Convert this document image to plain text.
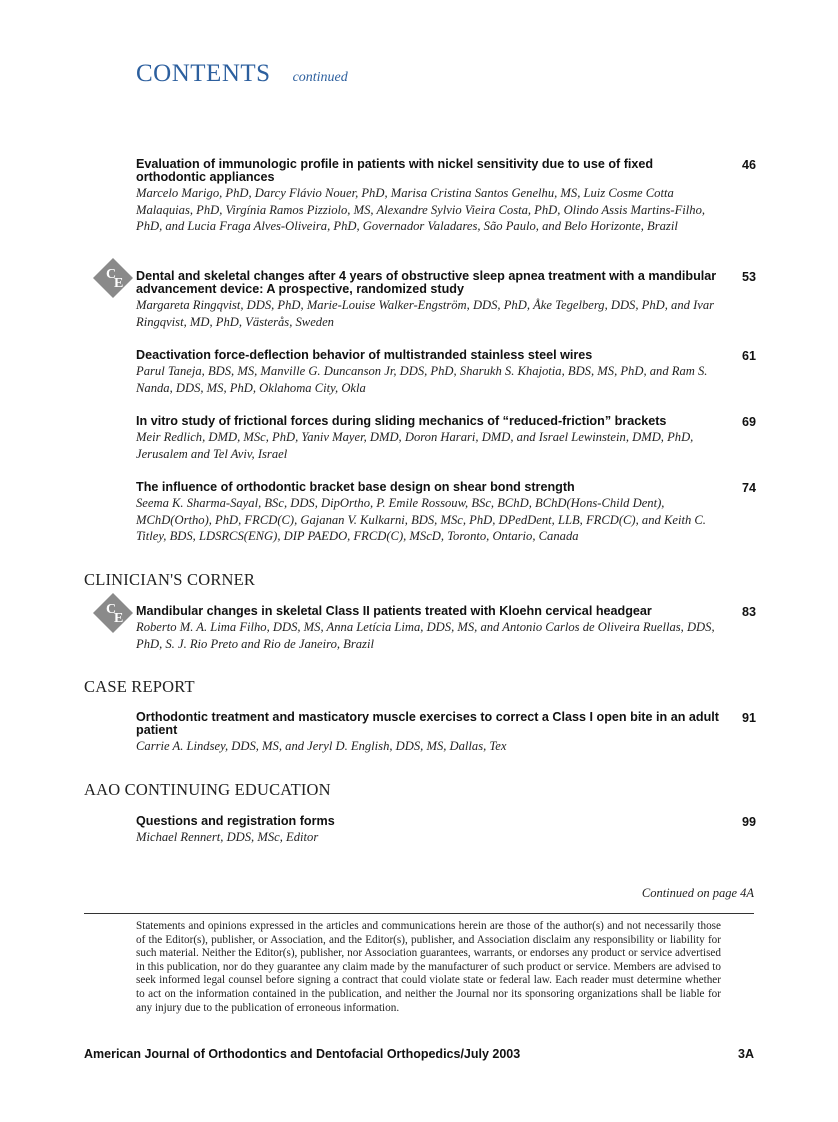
CONTENTS continued
Evaluation of immunologic profile in patients with nickel sensitivity due to use of fixed orthodontic appliances
Marcelo Marigo, PhD, Darcy Flávio Nouer, PhD, Marisa Cristina Santos Genelhu, MS, Luiz Cosme Cotta Malaquias, PhD, Virgínia Ramos Pizziolo, MS, Alexandre Sylvio Vieira Costa, PhD, Olindo Assis Martins-Filho, PhD, and Lucia Fraga Alves-Oliveira, PhD, Governador Valadares, São Paulo, and Belo Horizonte, Brazil
46
C
E Dental and skeletal changes after 4 years of obstructive sleep apnea treatment with a mandibular advancement device: A prospective, randomized study
Margareta Ringqvist, DDS, PhD, Marie-Louise Walker-Engström, DDS, PhD, Åke Tegelberg, DDS, PhD, and Ivar Ringqvist, MD, PhD, Västerås, Sweden
53
Deactivation force-deflection behavior of multistranded stainless steel wires
Parul Taneja, BDS, MS, Manville G. Duncanson Jr, DDS, PhD, Sharukh S. Khajotia, BDS, MS, PhD, and Ram S. Nanda, DDS, MS, PhD, Oklahoma City, Okla
61
In vitro study of frictional forces during sliding mechanics of “reduced-friction” brackets
Meir Redlich, DMD, MSc, PhD, Yaniv Mayer, DMD, Doron Harari, DMD, and Israel Lewinstein, DMD, PhD, Jerusalem and Tel Aviv, Israel
69
The influence of orthodontic bracket base design on shear bond strength
Seema K. Sharma-Sayal, BSc, DDS, DipOrtho, P. Emile Rossouw, BSc, BChD, BChD(Hons-Child Dent), MChD(Ortho), PhD, FRCD(C), Gajanan V. Kulkarni, BDS, MSc, PhD, DPedDent, LLB, FRCD(C), and Keith C. Titley, BDS, LDSRCS(ENG), DIP PAEDO, FRCD(C), MScD, Toronto, Ontario, Canada
74
CLINICIAN'S CORNER
C
E Mandibular changes in skeletal Class II patients treated with Kloehn cervical headgear
Roberto M. A. Lima Filho, DDS, MS, Anna Letícia Lima, DDS, MS, and Antonio Carlos de Oliveira Ruellas, DDS, PhD, S. J. Rio Preto and Rio de Janeiro, Brazil
83
CASE REPORT
Orthodontic treatment and masticatory muscle exercises to correct a Class I open bite in an adult patient
Carrie A. Lindsey, DDS, MS, and Jeryl D. English, DDS, MS, Dallas, Tex
91
AAO CONTINUING EDUCATION
Questions and registration forms
Michael Rennert, DDS, MSc, Editor
99
Continued on page 4A
Statements and opinions expressed in the articles and communications herein are those of the author(s) and not necessarily those of the Editor(s), publisher, or Association, and the Editor(s), publisher, and Association disclaim any responsibility or liability for such material. Neither the Editor(s), publisher, nor Association guarantees, warrants, or endorses any product or service advertised in this publication, nor do they guarantee any claim made by the manufacturer of such product or service. Members are advised to seek informed legal counsel before signing a contract that could violate state or federal law. Each reader must determine whether to act on the information contained in the publication, and neither the Journal nor its sponsoring organizations shall be liable for any injury due to the publication of erroneous information.
American Journal of Orthodontics and Dentofacial Orthopedics/July 2003	3A
